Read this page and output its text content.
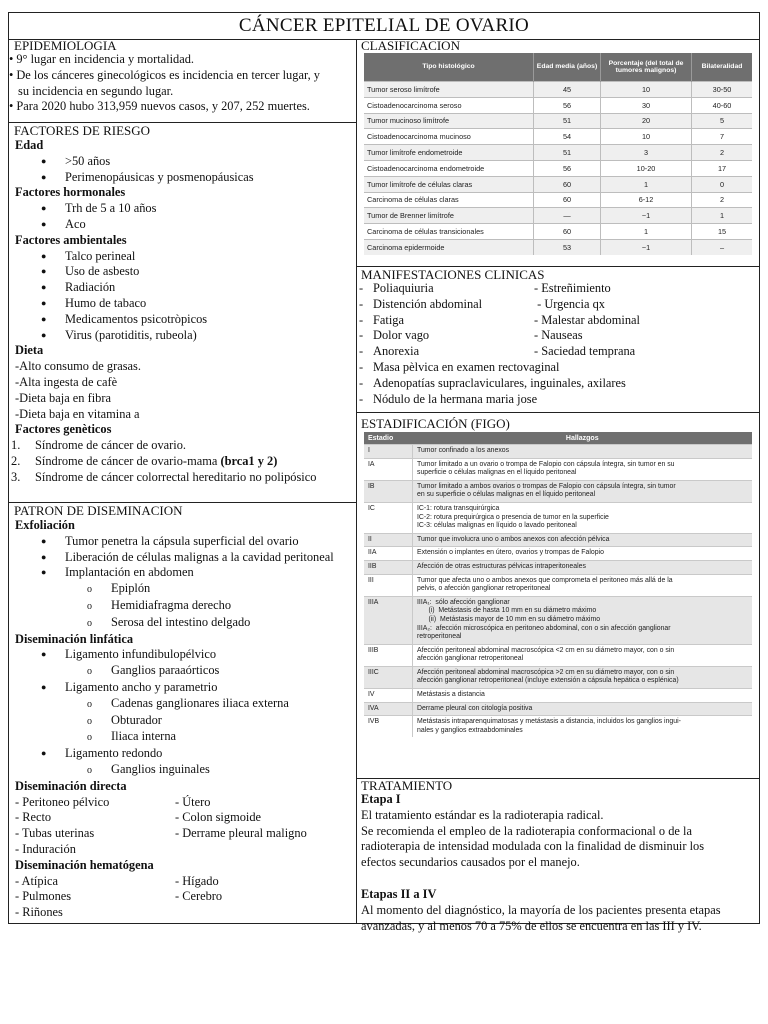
CÁNCER EPITELIAL DE OVARIO
EPIDEMIOLOGIA
• 9° lugar en incidencia y mortalidad.
• De los cánceres ginecológicos es incidencia en tercer lugar, y
su incidencia en segundo lugar.
• Para 2020 hubo 313,959 nuevos casos, y 207, 252 muertes.
FACTORES DE RIESGO
Edad
● >50 años
● Perimenopáusicas y posmenopáusicas
Factores hormonales
● Trh de 5 a 10 años
● Aco
Factores ambientales
● Talco perineal
● Uso de asbesto
● Radiación
● Humo de tabaco
● Medicamentos psicotròpicos
● Virus (parotiditis, rubeola)
Dieta
-Alto consumo de grasas.
-Alta ingesta de cafè
-Dieta baja en fibra
-Dieta baja en vitamina a
Factores genèticos
1. Síndrome de cáncer de ovario.
2. Síndrome de cáncer de ovario-mama (brca1 y 2)
3. Síndrome de cáncer colorrectal hereditario no polipósico
PATRON DE DISEMINACION
Exfoliación
● Tumor penetra la cápsula superficial del ovario
● Liberación de células malignas a la cavidad peritoneal
● Implantación en abdomen
o Epiplón
o Hemidiafragma derecho
o Serosa del intestino delgado
Diseminación linfática
● Ligamento infundibulopélvico
o Ganglios paraaórticos
● Ligamento ancho y parametrio
o Cadenas ganglionares iliaca externa
o Obturador
o Iliaca interna
● Ligamento redondo
o Ganglios inguinales
Diseminación directa
- Peritoneo pélvico	- Útero
- Recto	- Colon sigmoide
- Tubas uterinas	- Derrame pleural maligno
- Induración
Diseminación hematógena
- Atípica	- Hígado
- Pulmones	- Cerebro
- Riñones
CLASIFICACION
Tipo histológico	Edad media (años)	Porcentaje (del total de tumores malignos)	Bilateralidad
Tumor seroso limítrofe	45	10	30-50
Cistoadenocarcinoma seroso	56	30	40-60
Tumor mucinoso limítrofe	51	20	5
Cistoadenocarcinoma mucinoso	54	10	7
Tumor limítrofe endometroide	51	3	2
Cistoadenocarcinoma endometroide	56	10-20	17
Tumor limítrofe de células claras	60	1	0
Carcinoma de células claras	60	6-12	2
Tumor de Brenner limítrofe	—	~1	1
Carcinoma de células transicionales	60	1	15
Carcinoma epidermoide	53	~1	–
MANIFESTACIONES CLINICAS
- Poliaquiuria	- Estreñimiento
- Distención abdominal	- Urgencia qx
- Fatiga	- Malestar abdominal
- Dolor vago	- Nauseas
- Anorexia	- Saciedad temprana
- Masa pèlvica en examen rectovaginal
- Adenopatías supraclaviculares, inguinales, axilares
- Nódulo de la hermana maria jose
ESTADIFICACIÓN (FIGO)
Estadio	Hallazgos
I	Tumor confinado a los anexos

IA	Tumor limitado a un ovario o trompa de Falopio con cápsula íntegra, sin tumor en su
superficie o células malignas en el líquido peritoneal

IB	Tumor limitado a ambos ovarios o trompas de Falopio con cápsula íntegra, sin tumor
en su superficie o células malignas en el líquido peritoneal

IC	IC-1: rotura transquirúrgica
IC-2: rotura prequirúrgica o presencia de tumor en la superficie
IC-3: células malignas en líquido o lavado peritoneal

II	Tumor que involucra uno o ambos anexos con afección pélvica

IIA	Extensión o implantes en útero, ovarios y trompas de Falopio

IIB	Afección de otras estructuras pélvicas intraperitoneales

III	Tumor que afecta uno o ambos anexos que comprometa el peritoneo más allá de la
pelvis, o afección ganglionar retroperitoneal

IIIA	IIIA₁:  sólo afección ganglionar
(i)  Metástasis de hasta 10 mm en su diámetro máximo
(ii)  Metástasis mayor de 10 mm en su diámetro máximo
IIIA₂:  afección microscópica en peritoneo abdominal, con o sin afección ganglionar
retroperitoneal

IIIB	Afección peritoneal abdominal macroscópica <2 cm en su diámetro mayor, con o sin
afección ganglionar retroperitoneal

IIIC	Afección peritoneal abdominal macroscópica >2 cm en su diámetro mayor, con o sin
afección ganglionar retroperitoneal (incluye extensión a cápsula hepática o esplénica)

IV	Metástasis a distancia

IVA	Derrame pleural con citología positiva

IVB	Metástasis intraparenquimatosas y metástasis a distancia, incluidos los ganglios ingui-
nales y ganglios extraabdominales
TRATAMIENTO
Etapa I
El tratamiento estándar es la radioterapia radical.
Se recomienda el empleo de la radioterapia conformacional o de la
radioterapia de intensidad modulada con la finalidad de disminuir los
efectos secundarios causados por el manejo.
Etapas II a IV
Al momento del diagnóstico, la mayoría de los pacientes presenta etapas
avanzadas, y al menos 70 a 75% de ellos se encuentra en las III y IV.
